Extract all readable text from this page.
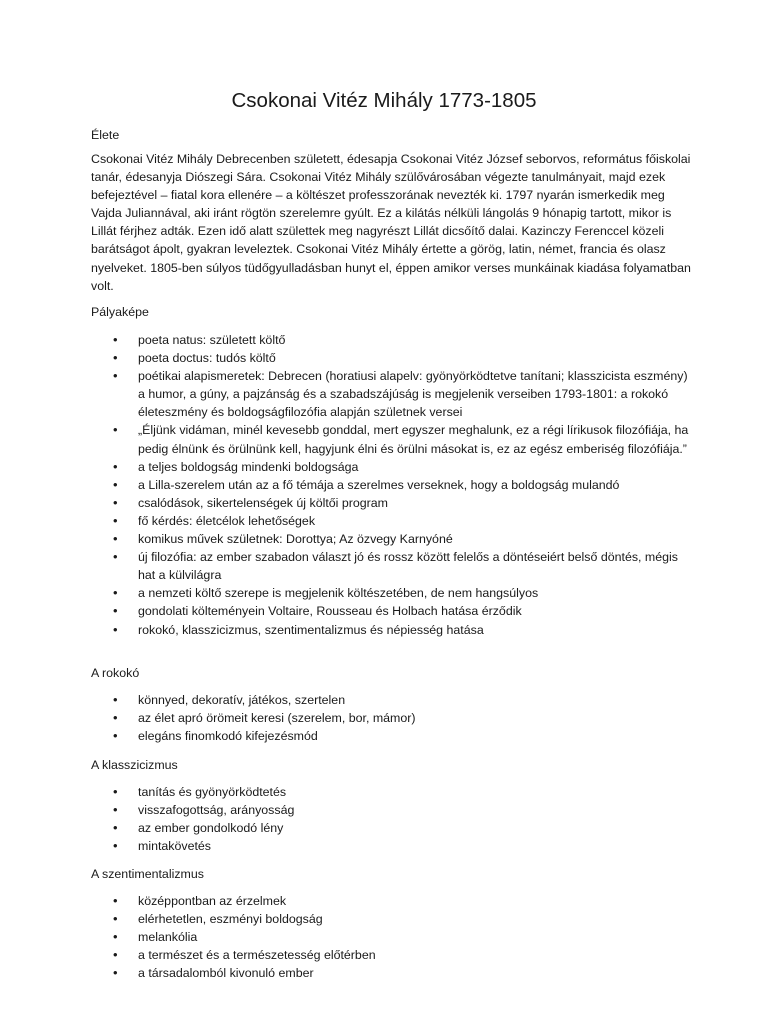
Csokonai Vitéz Mihály 1773-1805

Élete

Csokonai Vitéz Mihály Debrecenben született, édesapja Csokonai Vitéz József seborvos, református főiskolai tanár, édesanyja Diószegi Sára. Csokonai Vitéz Mihály szülővárosában végezte tanulmányait, majd ezek befejeztével – fiatal kora ellenére – a költészet professzorának nevezték ki. 1797 nyarán ismerkedik meg Vajda Juliannával, aki iránt rögtön szerelemre gyúlt. Ez a kilátás nélküli lángolás 9 hónapig tartott, mikor is Lillát férjhez adták. Ezen idő alatt születtek meg nagyrészt Lillát dicsőítő dalai. Kazinczy Ferenccel közeli barátságot ápolt, gyakran leveleztek. Csokonai Vitéz Mihály értette a görög, latin, német, francia és olasz nyelveket. 1805-ben súlyos tüdőgyulladásban hunyt el, éppen amikor verses munkáinak kiadása folyamatban volt.

Pályaképe

• poeta natus: született költő
• poeta doctus: tudós költő
• poétikai alapismeretek: Debrecen (horatiusi alapelv: gyönyörködtetve tanítani; klasszicista eszmény) a humor, a gúny, a pajzánság és a szabadszájúság is megjelenik verseiben 1793-1801: a rokokó életeszmény és boldogságfilozófia alapján születnek versei
• „Éljünk vidáman, minél kevesebb gonddal, mert egyszer meghalunk, ez a régi lírikusok filozófiája, ha pedig élnünk és örülnünk kell, hagyjunk élni és örülni másokat is, ez az egész emberiség filozófiája.”
• a teljes boldogság mindenki boldogsága
• a Lilla-szerelem után az a fő témája a szerelmes verseknek, hogy a boldogság mulandó
• csalódások, sikertelenségek új költői program
• fő kérdés: életcélok lehetőségek
• komikus művek születnek: Dorottya; Az özvegy Karnyóné
• új filozófia: az ember szabadon választ jó és rossz között felelős a döntéseiért belső döntés, mégis hat a külvilágra
• a nemzeti költő szerepe is megjelenik költészetében, de nem hangsúlyos
• gondolati költeményein Voltaire, Rousseau és Holbach hatása érződik
• rokokó, klasszicizmus, szentimentalizmus és népiesség hatása

A rokokó

• könnyed, dekoratív, játékos, szertelen
• az élet apró örömeit keresi (szerelem, bor, mámor)
• elegáns finomkodó kifejezésmód

A klasszicizmus

• tanítás és gyönyörködtetés
• visszafogottság, arányosság
• az ember gondolkodó lény
• mintakövetés

A szentimentalizmus

• középpontban az érzelmek
• elérhetetlen, eszményi boldogság
• melankólia
• a természet és a természetesség előtérben
• a társadalomból kivonuló ember
